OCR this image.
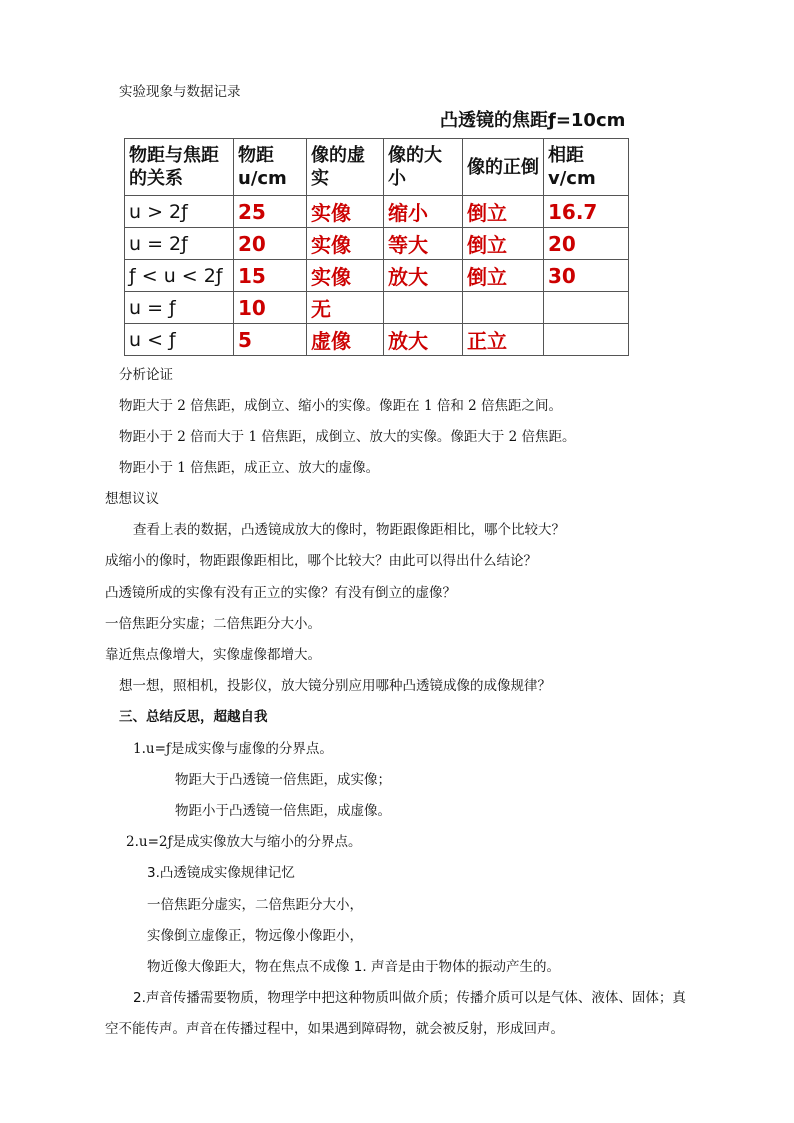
实验现象与数据记录
凸透镜的焦距ƒ=10cm
物距与焦距的关系	物距 u/cm	像的虚实	像的大小	像的正倒	相距 v/cm
u > 2ƒ	25	实像	缩小	倒立	16.7
u = 2ƒ	20	实像	等大	倒立	20
ƒ < u < 2ƒ	15	实像	放大	倒立	30
u = ƒ	10	无			
u < ƒ	5	虚像	放大	正立	
分析论证
物距大于 2 倍焦距，成倒立、缩小的实像。像距在 1 倍和 2 倍焦距之间。
物距小于 2 倍而大于 1 倍焦距，成倒立、放大的实像。像距大于 2 倍焦距。
物距小于 1 倍焦距，成正立、放大的虚像。
想想议议
查看上表的数据，凸透镜成放大的像时，物距跟像距相比，哪个比较大？
成缩小的像时，物距跟像距相比，哪个比较大？由此可以得出什么结论？
凸透镜所成的实像有没有正立的实像？有没有倒立的虚像？
一倍焦距分实虚；二倍焦距分大小。
靠近焦点像增大，实像虚像都增大。
想一想，照相机，投影仪，放大镜分别应用哪种凸透镜成像的成像规律？
三、总结反思，超越自我
1.u=ƒ是成实像与虚像的分界点。
物距大于凸透镜一倍焦距，成实像；
物距小于凸透镜一倍焦距，成虚像。
2.u=2ƒ是成实像放大与缩小的分界点。
3.凸透镜成实像规律记忆
一倍焦距分虚实，二倍焦距分大小，
实像倒立虚像正，物远像小像距小，
物近像大像距大，物在焦点不成像 1. 声音是由于物体的振动产生的。
2.声音传播需要物质，物理学中把这种物质叫做介质；传播介质可以是气体、液体、固体；真
空不能传声。声音在传播过程中，如果遇到障碍物，就会被反射，形成回声。
